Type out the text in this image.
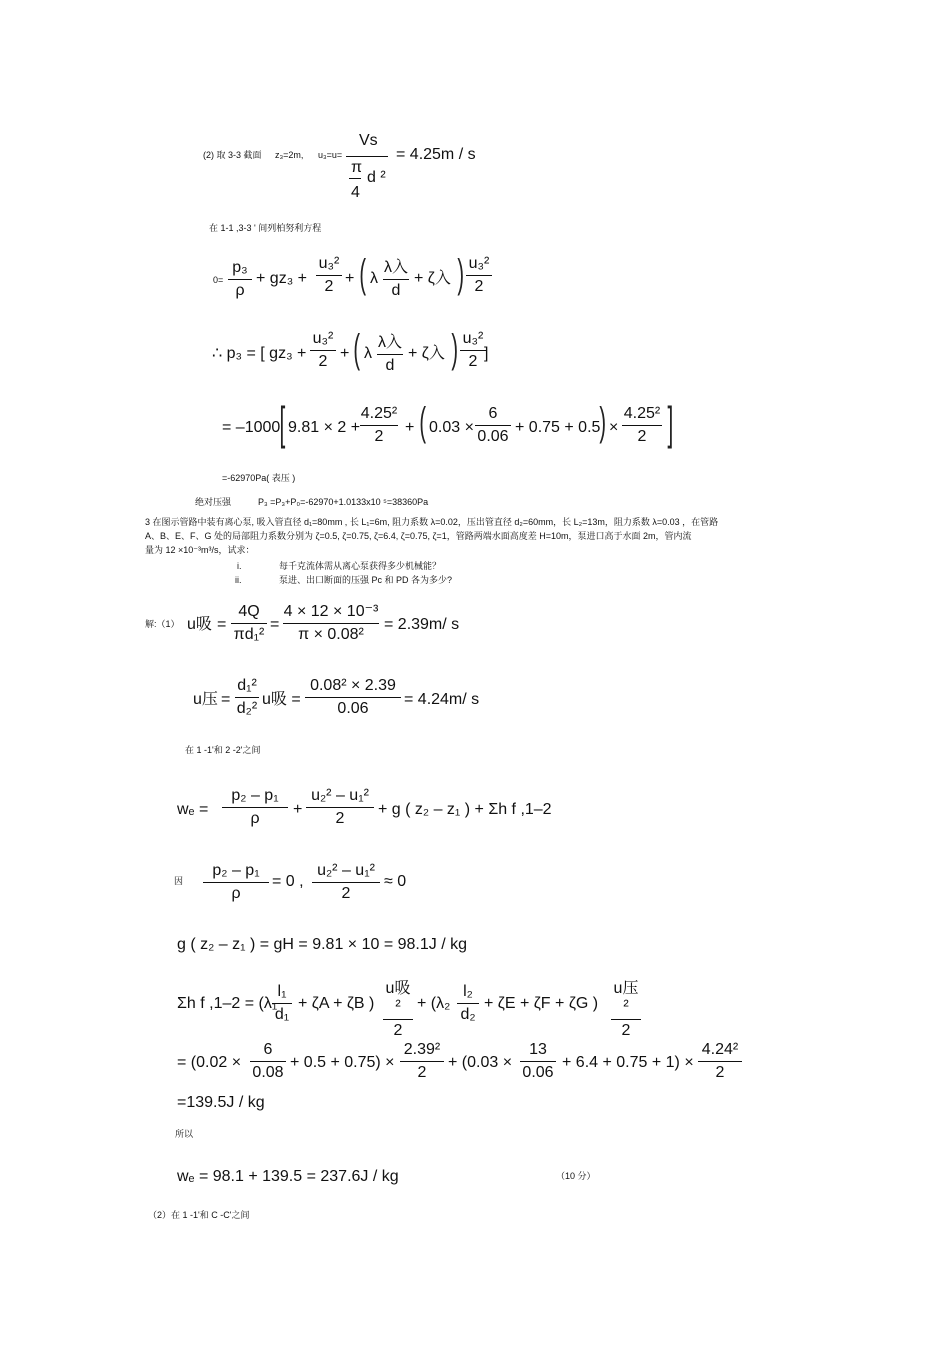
(2) 取 3-3 截面 z₃=2m, u₃=u=
Vs
π
4
d ²
= 4.25m / s
在 1-1 ,3-3 ' 间列柏努利方程
0=
p₃
ρ
+ gz₃ +
u₃²
2 + ( λ
λ入
d
+ ζ入 ) u₃²
2
∴ p₃ = [ gz₃ +
u₃²
2 + ( λ
λ入
d
+ ζ入 ) u₃²
2 ]
= –1000 [ 9.81 × 2 +
4.25²
2
+ ( 0.03 ×
6
0.06
+ 0.75 + 0.5
) ×
4.25²
2 ]
=-62970Pa( 表压 )
绝对压强	P₃ =P₃+P₀=-62970+1.0133x10 ⁵=38360Pa
3 在图示管路中装有离心泵, 吸入管直径 d₁=80mm , 长 L₁=6m, 阻力系数 λ=0.02，压出管直径 d₂=60mm，长 L₂=13m，阻力系数 λ=0.03 ，在管路
A、B、E、F、G 处的局部阻力系数分别为 ζ=0.5, ζ=0.75, ζ=6.4, ζ=0.75, ζ=1，管路两端水面高度差 H=10m，泵进口高于水面 2m，管内流
量为 12 ×10⁻³m³/s，试求：
i.	每千克流体需从离心泵获得多少机械能？
ii.	泵进、出口断面的压强 Pc 和 PD 各为多少?
解:（1） u吸 =
4Q
πd₁²
=
4 × 12 × 10⁻³
π × 0.08²
= 2.39m/ s
u压 =
d₁²
d₂²
u吸 =
0.08² × 2.39
0.06
= 4.24m/ s
在 1 -1'和 2 -2'之间
wₑ =
p₂ – p₁
ρ
+
u₂² – u₁²
2
+ g ( z₂ – z₁ ) + Σh f ,1–2
因
p₂ – p₁
ρ
= 0 ,
u₂² – u₁²
2
≈ 0
g ( z₂ – z₁ ) = gH = 9.81 × 10 = 98.1J / kg
Σh f ,1–2 = (λ₁
l₁
d₁
+ ζA + ζB )
u吸²
2
+ (λ₂
l₂
d₂
+ ζE + ζF + ζG )
u压²
2
= (0.02 ×
6
0.08
+ 0.5 + 0.75) ×
2.39²
2
+ (0.03 ×
13
0.06
+ 6.4 + 0.75 + 1) ×
4.24²
2
=139.5J / kg
所以
wₑ = 98.1 + 139.5 = 237.6J / kg	（10 分）
（2）在 1 -1'和 C -C'之间
